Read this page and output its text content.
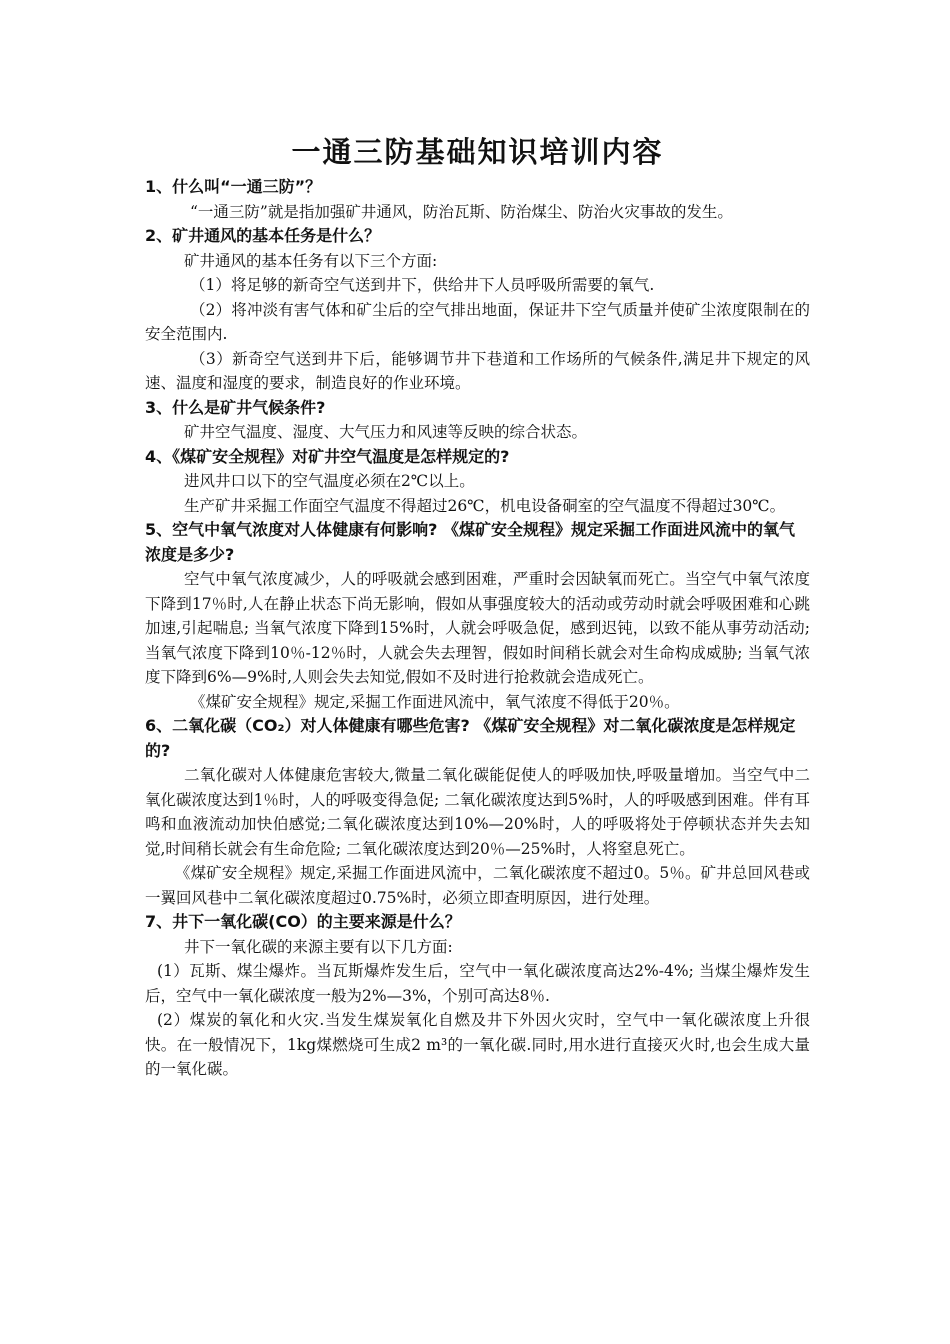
一通三防基础知识培训内容

1、什么叫“一通三防”？

“一通三防”就是指加强矿井通风，防治瓦斯、防治煤尘、防治火灾事故的发生。

2、矿井通风的基本任务是什么？

矿井通风的基本任务有以下三个方面:

（1）将足够的新奇空气送到井下，供给井下人员呼吸所需要的氧气.

（2）将冲淡有害气体和矿尘后的空气排出地面，保证井下空气质量并使矿尘浓度限制在的安全范围内.

（3）新奇空气送到井下后，能够调节井下巷道和工作场所的气候条件,满足井下规定的风速、温度和湿度的要求，制造良好的作业环境。

3、什么是矿井气候条件?

矿井空气温度、湿度、大气压力和风速等反映的综合状态。

4、《煤矿安全规程》对矿井空气温度是怎样规定的?

进风井口以下的空气温度必须在2℃以上。

生产矿井采掘工作面空气温度不得超过26℃，机电设备硐室的空气温度不得超过30℃。

5、空气中氧气浓度对人体健康有何影响? 《煤矿安全规程》规定采掘工作面进风流中的氧气浓度是多少?

空气中氧气浓度减少，人的呼吸就会感到困难，严重时会因缺氧而死亡。当空气中氧气浓度下降到17％时,人在静止状态下尚无影响，假如从事强度较大的活动或劳动时就会呼吸困难和心跳加速,引起喘息; 当氧气浓度下降到15%时，人就会呼吸急促，感到迟钝，以致不能从事劳动活动; 当氧气浓度下降到10％-12％时，人就会失去理智，假如时间稍长就会对生命构成威胁; 当氧气浓度下降到6%—9%时,人则会失去知觉,假如不及时进行抢救就会造成死亡。

《煤矿安全规程》规定,采掘工作面进风流中，氧气浓度不得低于20％。

6、二氧化碳（CO₂）对人体健康有哪些危害? 《煤矿安全规程》对二氧化碳浓度是怎样规定的?

二氧化碳对人体健康危害较大,微量二氧化碳能促使人的呼吸加快,呼吸量增加。当空气中二氧化碳浓度达到1％时，人的呼吸变得急促; 二氧化碳浓度达到5%时，人的呼吸感到困难。伴有耳鸣和血液流动加快伯感觉;二氧化碳浓度达到10%—20%时，人的呼吸将处于停顿状态并失去知觉,时间稍长就会有生命危险; 二氧化碳浓度达到20％—25%时，人将窒息死亡。

《煤矿安全规程》规定,采掘工作面进风流中，二氧化碳浓度不超过0。5％。矿井总回风巷或一翼回风巷中二氧化碳浓度超过0.75%时，必须立即查明原因，进行处理。

7、井下一氧化碳(CO）的主要来源是什么？

井下一氧化碳的来源主要有以下几方面:

(1）瓦斯、煤尘爆炸。当瓦斯爆炸发生后，空气中一氧化碳浓度高达2%-4%; 当煤尘爆炸发生后，空气中一氧化碳浓度一般为2%—3%，个别可高达8％.

(2）煤炭的氧化和火灾.当发生煤炭氧化自燃及井下外因火灾时，空气中一氧化碳浓度上升很快。在一般情况下，1kg煤燃烧可生成2 m³的一氧化碳.同时,用水进行直接灭火时,也会生成大量的一氧化碳。
